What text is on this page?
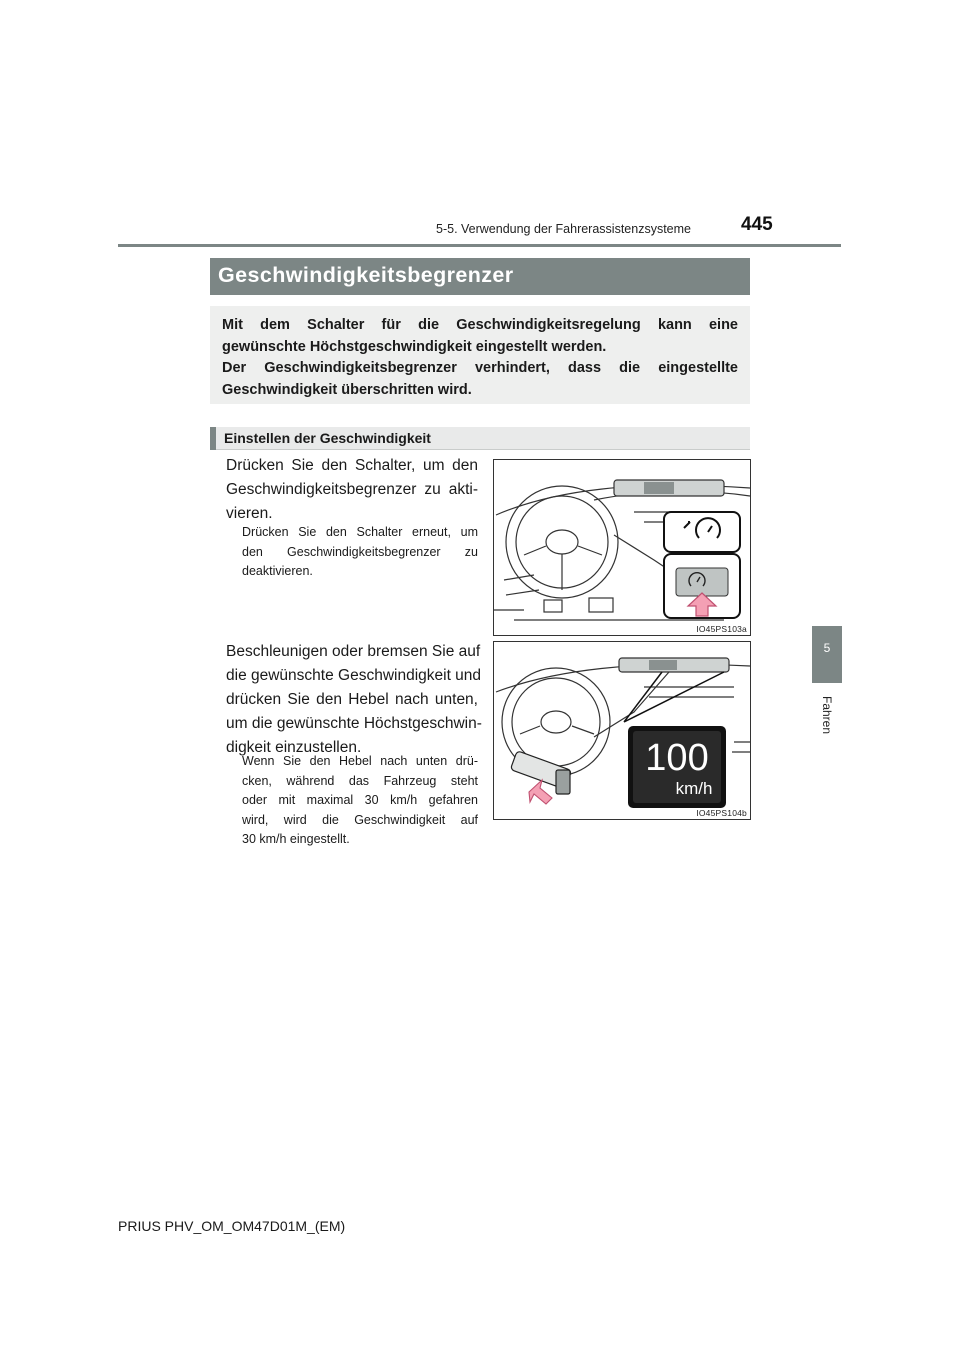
5-5. Verwendung der Fahrerassistenzsysteme	445
5
Fahren
Geschwindigkeitsbegrenzer

Mit dem Schalter für die Geschwindigkeitsregelung kann eine

gewünschte Höchstgeschwindigkeit eingestellt werden.

Der Geschwindigkeitsbegrenzer verhindert, dass die eingestellte

Geschwindigkeit überschritten wird.

Einstellen der Geschwindigkeit
Drücken Sie den Schalter, um den
Geschwindigkeitsbegrenzer zu akti-
vieren.
Drücken Sie den Schalter erneut, um
den Geschwindigkeitsbegrenzer zu
deaktivieren.
Beschleunigen oder bremsen Sie auf
die gewünschte Geschwindigkeit und
drücken Sie den Hebel nach unten,
um die gewünschte Höchstgeschwin-
digkeit einzustellen.
Wenn Sie den Hebel nach unten drü-
cken, während das Fahrzeug steht
oder mit maximal 30 km/h gefahren
wird, wird die Geschwindigkeit auf
30 km/h eingestellt.
IO45PS103a
100
km/h
IO45PS104b
PRIUS PHV_OM_OM47D01M_(EM)
